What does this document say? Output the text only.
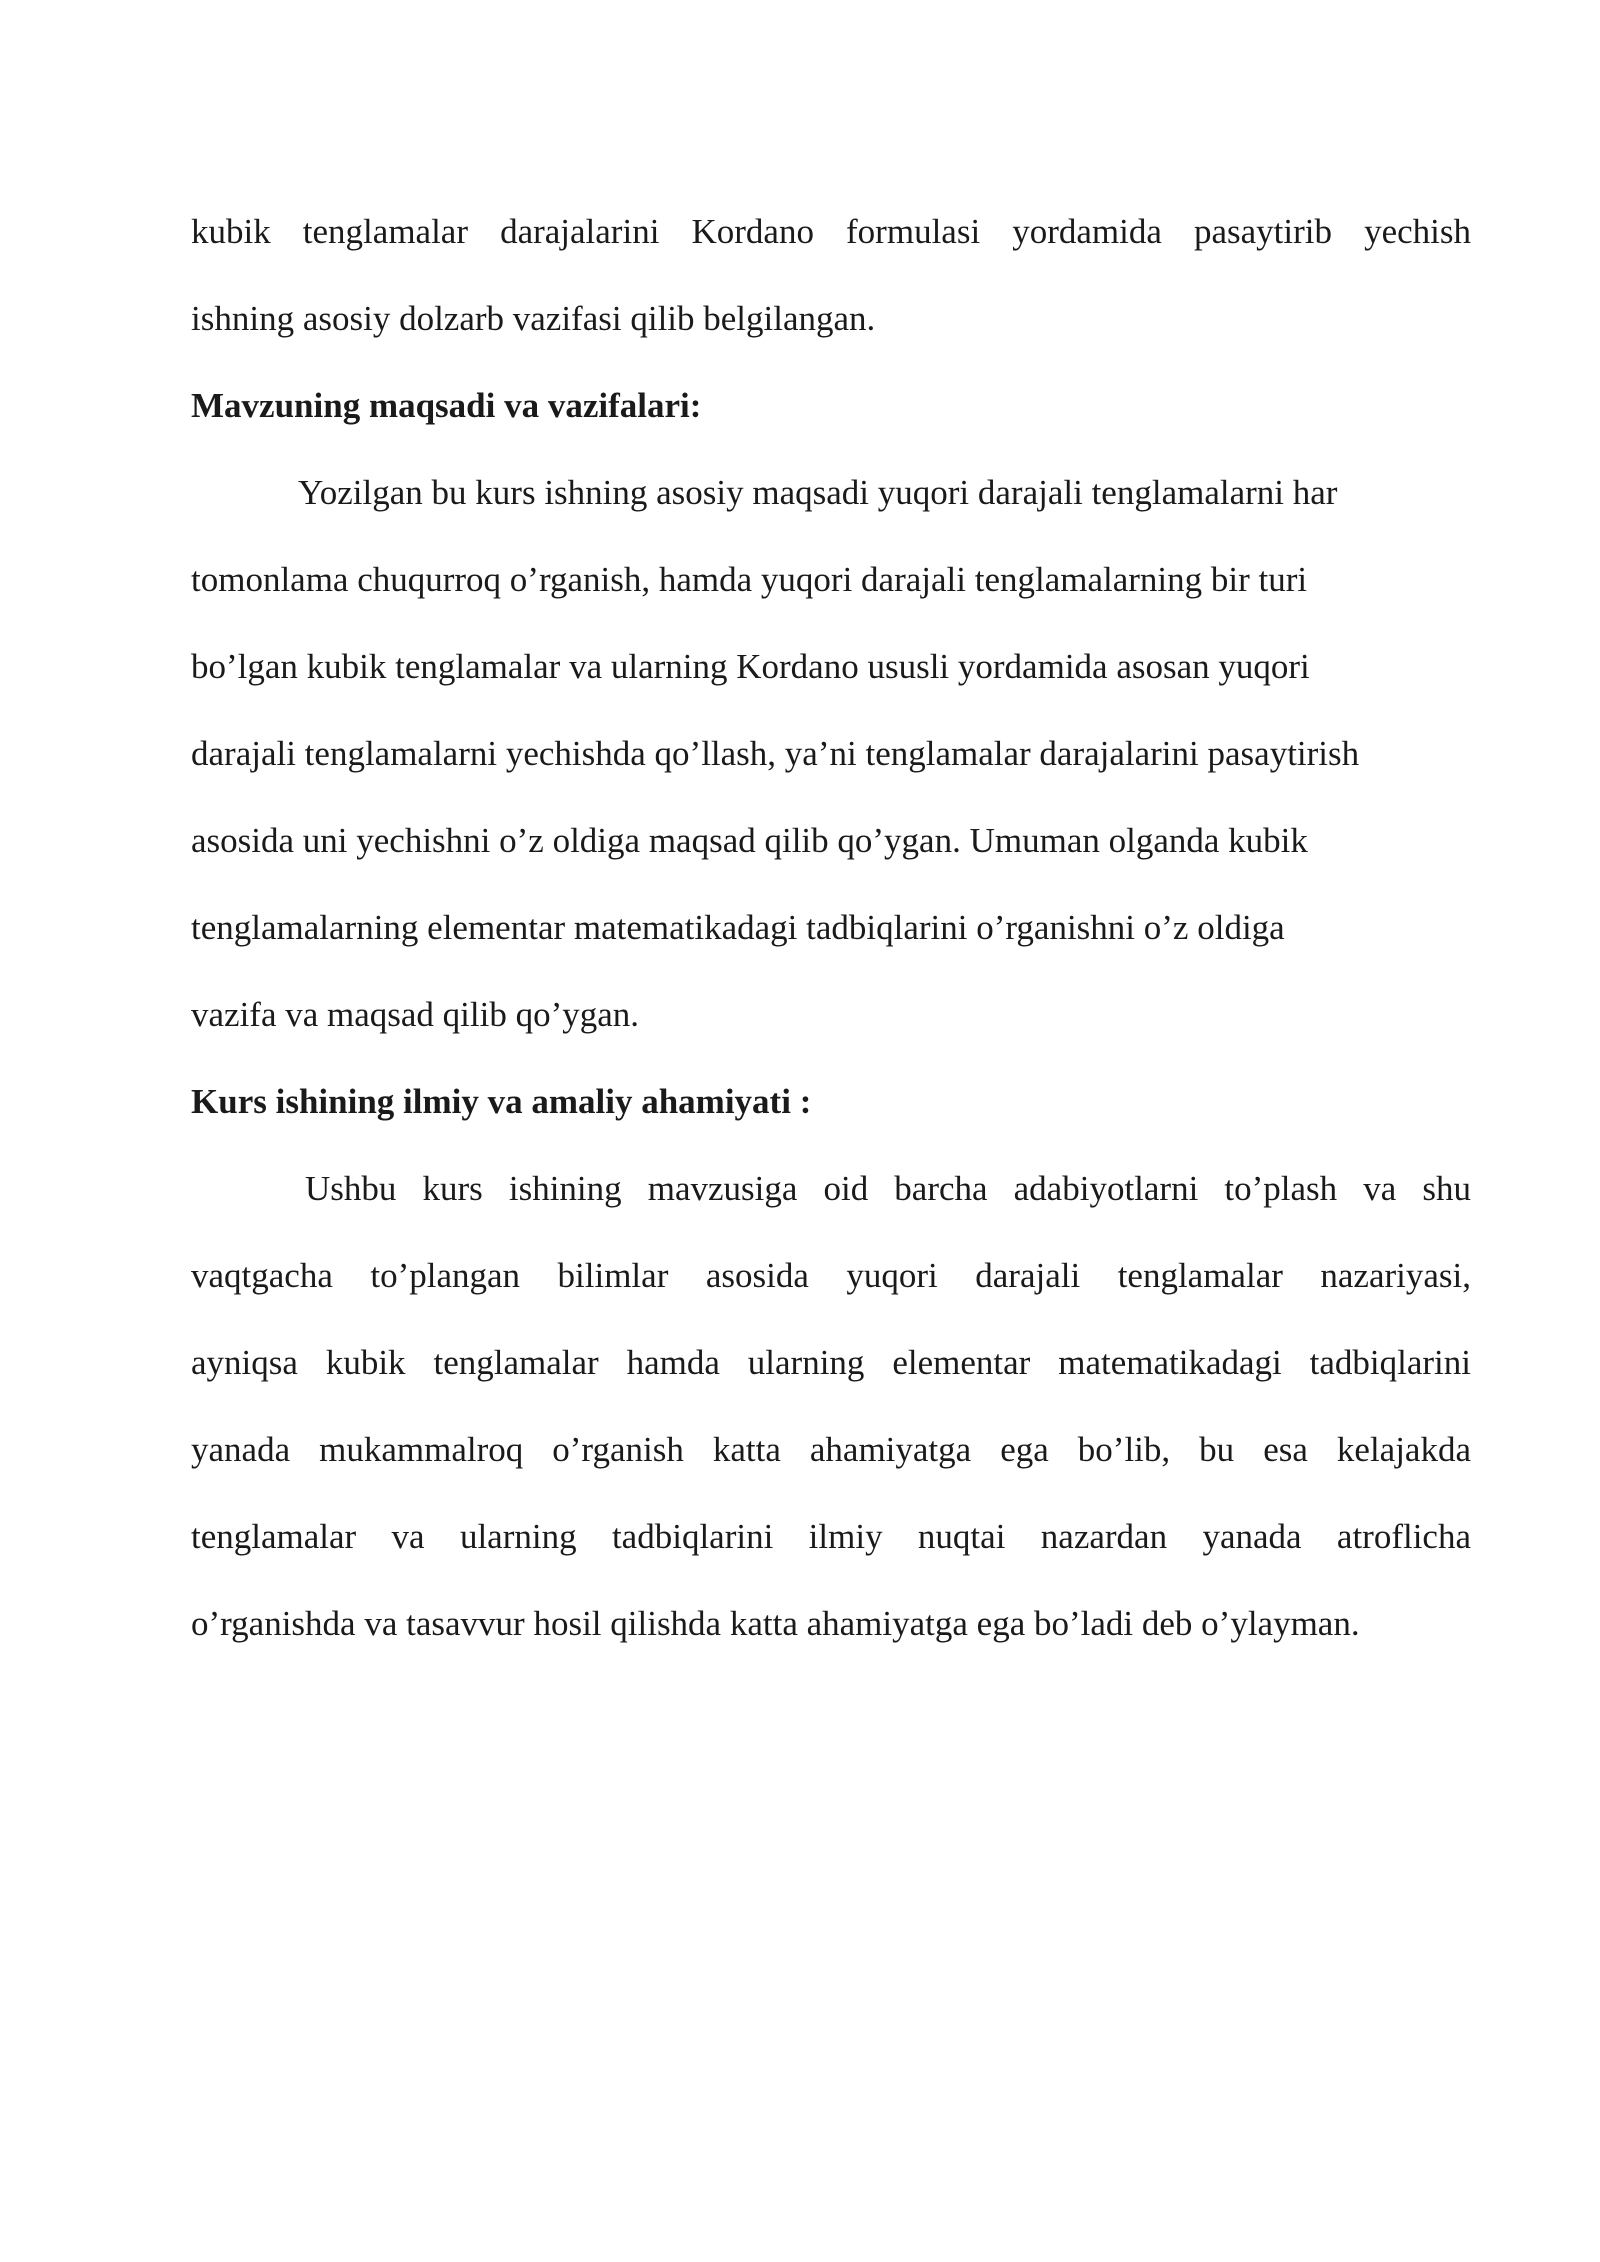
kubik tenglamalar darajalarini Kordano formulasi yordamida pasaytirib yechish
ishning asosiy dolzarb vazifasi qilib belgilangan.
Mavzuning maqsadi va vazifalari:
Yozilgan bu kurs ishning asosiy maqsadi yuqori darajali tenglamalarni har
tomonlama chuqurroq o’rganish, hamda yuqori darajali tenglamalarning bir turi
bo’lgan kubik tenglamalar va ularning Kordano ususli yordamida asosan yuqori
darajali tenglamalarni yechishda qo’llash, ya’ni tenglamalar darajalarini pasaytirish
asosida uni yechishni o’z oldiga maqsad qilib qo’ygan. Umuman olganda kubik
tenglamalarning elementar matematikadagi tadbiqlarini o’rganishni o’z oldiga
vazifa va maqsad qilib qo’ygan.
Kurs ishining ilmiy va amaliy ahamiyati :
Ushbu kurs ishining mavzusiga oid barcha adabiyotlarni to’plash va shu
vaqtgacha to’plangan bilimlar asosida yuqori darajali tenglamalar nazariyasi,
ayniqsa kubik tenglamalar hamda ularning elementar matematikadagi tadbiqlarini
yanada mukammalroq o’rganish katta ahamiyatga ega bo’lib, bu esa kelajakda
tenglamalar va ularning tadbiqlarini ilmiy nuqtai nazardan yanada atroflicha
o’rganishda va tasavvur hosil qilishda katta ahamiyatga ega bo’ladi deb o’ylayman.
